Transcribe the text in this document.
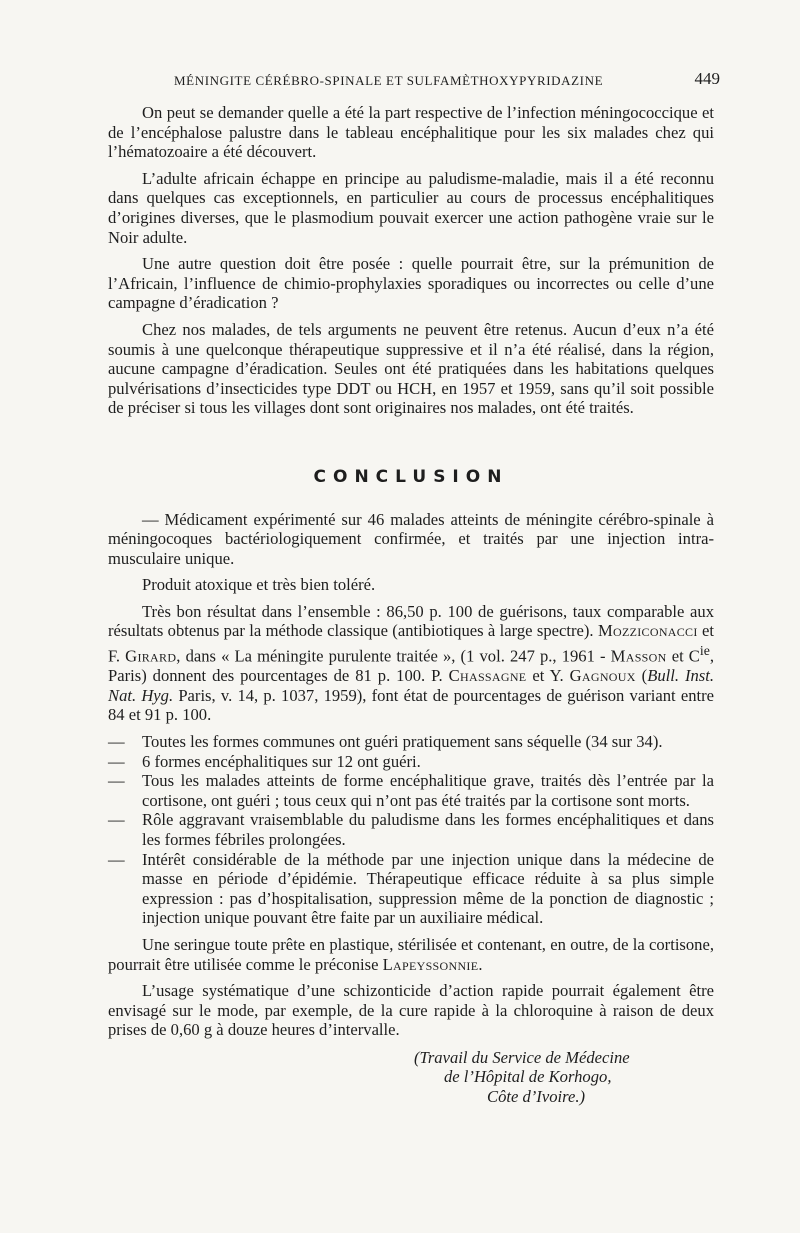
MÉNINGITE CÉRÉBRO-SPINALE ET SULFAMÈTHOXYPYRIDAZINE	449

On peut se demander quelle a été la part respective de l’infection méningococcique et de l’encéphalose palustre dans le tableau encéphalitique pour les six malades chez qui l’hématozoaire a été découvert.

L’adulte africain échappe en principe au paludisme-maladie, mais il a été reconnu dans quelques cas exceptionnels, en particulier au cours de processus encéphalitiques d’origines diverses, que le plasmodium pouvait exercer une action pathogène vraie sur le Noir adulte.

Une autre question doit être posée : quelle pourrait être, sur la prémunition de l’Africain, l’influence de chimio-prophylaxies sporadiques ou incorrectes ou celle d’une campagne d’éradication ?

Chez nos malades, de tels arguments ne peuvent être retenus. Aucun d’eux n’a été soumis à une quelconque thérapeutique suppressive et il n’a été réalisé, dans la région, aucune campagne d’éradication. Seules ont été pratiquées dans les habitations quelques pulvérisations d’insecticides type DDT ou HCH, en 1957 et 1959, sans qu’il soit possible de préciser si tous les villages dont sont originaires nos malades, ont été traités.

CONCLUSION

— Médicament expérimenté sur 46 malades atteints de méningite cérébro-spinale à méningocoques bactériologiquement confirmée, et traités par une injection intra-musculaire unique.

Produit atoxique et très bien toléré.

Très bon résultat dans l’ensemble : 86,50 p. 100 de guérisons, taux comparable aux résultats obtenus par la méthode classique (antibiotiques à large spectre). Mozziconacci et F. Girard, dans « La méningite purulente traitée », (1 vol. 247 p., 1961 - Masson et $C^{ie}$, Paris) donnent des pourcentages de 81 p. 100. P. Chassagne et Y. Gagnoux (Bull. Inst. Nat. Hyg. Paris, v. 14, p. 1037, 1959), font état de pourcentages de guérison variant entre 84 et 91 p. 100.

— Toutes les formes communes ont guéri pratiquement sans séquelle (34 sur 34).
— 6 formes encéphalitiques sur 12 ont guéri.
— Tous les malades atteints de forme encéphalitique grave, traités dès l’entrée par la cortisone, ont guéri ; tous ceux qui n’ont pas été traités par la cortisone sont morts.
— Rôle aggravant vraisemblable du paludisme dans les formes encéphalitiques et dans les formes fébriles prolongées.
— Intérêt considérable de la méthode par une injection unique dans la médecine de masse en période d’épidémie. Thérapeutique efficace réduite à sa plus simple expression : pas d’hospitalisation, suppression même de la ponction de diagnostic ; injection unique pouvant être faite par un auxiliaire médical.

Une seringue toute prête en plastique, stérilisée et contenant, en outre, de la cortisone, pourrait être utilisée comme le préconise Lapeyssonnie.

L’usage systématique d’une schizonticide d’action rapide pourrait également être envisagé sur le mode, par exemple, de la cure rapide à la chloroquine à raison de deux prises de 0,60 g à douze heures d’intervalle.

(Travail du Service de Médecine
de l’Hôpital de Korhogo,
Côte d’Ivoire.)
